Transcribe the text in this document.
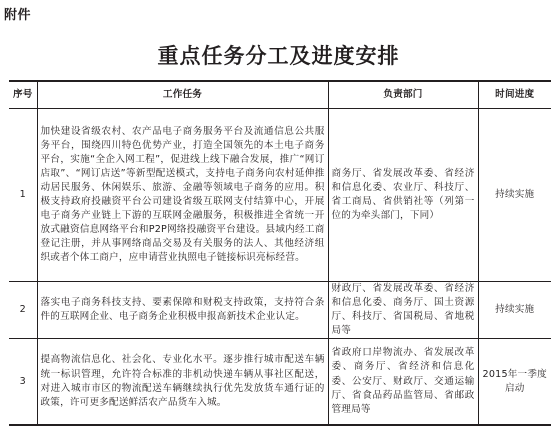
附件
重点任务分工及进度安排
序号	工作任务	负责部门	时间进度
1	加快建设省级农村、农产品电子商务服务平台及流通信息公共服务平台，围绕四川特色优势产业，打造全国领先的本土电子商务平台，实施“全企入网工程”，促进线上线下融合发展，推广“网订店取”、“网订店送”等新型配送模式，支持电子商务向农村延伸推动居民服务、休闲娱乐、旅游、金融等领域电子商务的应用。积极支持政府投融资平台公司建设省级互联网支付结算中心，开展电子商务产业链上下游的互联网金融服务，积极推进全省统一开放式融资信息网络平台和P2P网络投融资平台建设。县域内经工商登记注册，并从事网络商品交易及有关服务的法人、其他经济组织或者个体工商户，应申请营业执照电子链接标识亮标经营。	商务厅、省发展改革委、省经济和信息化委、农业厅、科技厅、省工商局、省供销社等（列第一位的为牵头部门，下同）	持续实施
2	落实电子商务科技支持、要素保障和财税支持政策，支持符合条件的互联网企业、电子商务企业积极申报高新技术企业认定。	财政厅、省发展改革委、省经济和信息化委、商务厅、国土资源厅、科技厅、省国税局、省地税局等	持续实施
3	提高物流信息化、社会化、专业化水平。逐步推行城市配送车辆统一标识管理，允许符合标准的非机动快递车辆从事社区配送，对进入城市市区的物流配送车辆继续执行优先发放货车通行证的政策，许可更多配送鲜活农产品货车入城。	省政府口岸物流办、省发展改革委、商务厅、省经济和信息化委、公安厅、财政厅、交通运输厅、省食品药品监管局、省邮政管理局等	2015年一季度启动
